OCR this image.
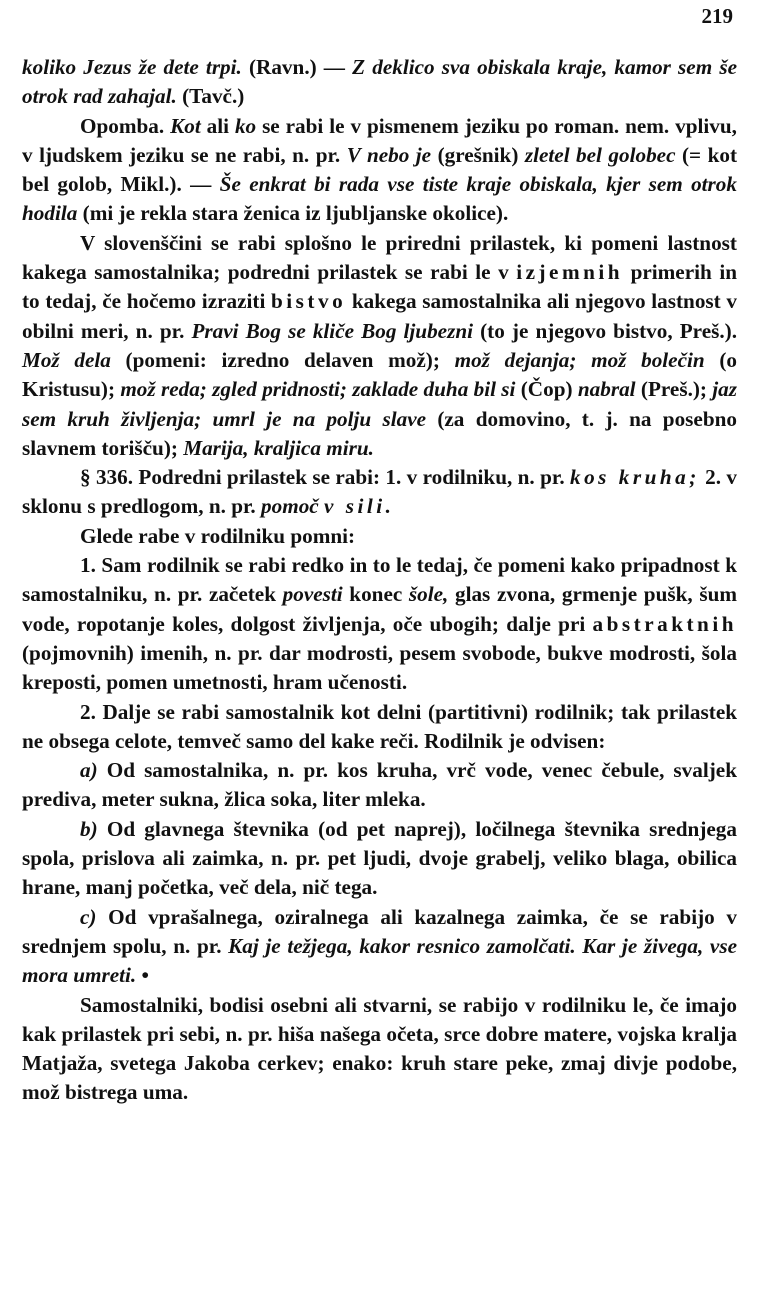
219

koliko Jezus že dete trpi. (Ravn.) — Z deklico sva obiskala kraje, kamor sem še otrok rad zahajal. (Tavč.)

Opomba. Kot ali ko se rabi le v pismenem jeziku po roman. nem. vplivu, v ljudskem jeziku se ne rabi, n. pr. V nebo je (grešnik) zletel bel golobec (= kot bel golob, Mikl.). — Še enkrat bi rada vse tiste kraje obiskala, kjer sem otrok hodila (mi je rekla stara ženica iz ljubljanske okolice).

V slovenščini se rabi splošno le priredni prilastek, ki pomeni lastnost kakega samostalnika; podredni prilastek se rabi le v izjemnih primerih in to tedaj, če hočemo izraziti bistvo kakega samostalnika ali njegovo lastnost v obilni meri, n. pr. Pravi Bog se kliče Bog ljubezni (to je njegovo bistvo, Preš.). Mož dela (pomeni: izredno delaven mož); mož dejanja; mož bolečin (o Kristusu); mož reda; zgled pridnosti; zaklade duha bil si (Čop) nabral (Preš.); jaz sem kruh življenja; umrl je na polju slave (za domovino, t. j. na posebno slavnem torišču); Marija, kraljica miru.

§ 336. Podredni prilastek se rabi: 1. v rodilniku, n. pr. kos kruha; 2. v sklonu s predlogom, n. pr. pomoč v sili.

Glede rabe v rodilniku pomni:

1. Sam rodilnik se rabi redko in to le tedaj, če pomeni kako pripadnost k samostalniku, n. pr. začetek povesti konec šole, glas zvona, grmenje pušk, šum vode, ropotanje koles, dolgost življenja, oče ubogih; dalje pri abstraktnih (pojmovnih) imenih, n. pr. dar modrosti, pesem svobode, bukve modrosti, šola kreposti, pomen umetnosti, hram učenosti.

2. Dalje se rabi samostalnik kot delni (partitivni) rodilnik; tak prilastek ne obsega celote, temveč samo del kake reči. Rodilnik je odvisen:

a) Od samostalnika, n. pr. kos kruha, vrč vode, venec čebule, svaljek prediva, meter sukna, žlica soka, liter mleka.

b) Od glavnega števnika (od pet naprej), ločilnega števnika srednjega spola, prislova ali zaimka, n. pr. pet ljudi, dvoje grabelj, veliko blaga, obilica hrane, manj početka, več dela, nič tega.

c) Od vprašalnega, oziralnega ali kazalnega zaimka, če se rabijo v srednjem spolu, n. pr. Kaj je težjega, kakor resnico zamolčati. Kar je živega, vse mora umreti. •

Samostalniki, bodisi osebni ali stvarni, se rabijo v rodilniku le, če imajo kak prilastek pri sebi, n. pr. hiša našega očeta, srce dobre matere, vojska kralja Matjaža, svetega Jakoba cerkev; enako: kruh stare peke, zmaj divje podobe, mož bistrega uma.
